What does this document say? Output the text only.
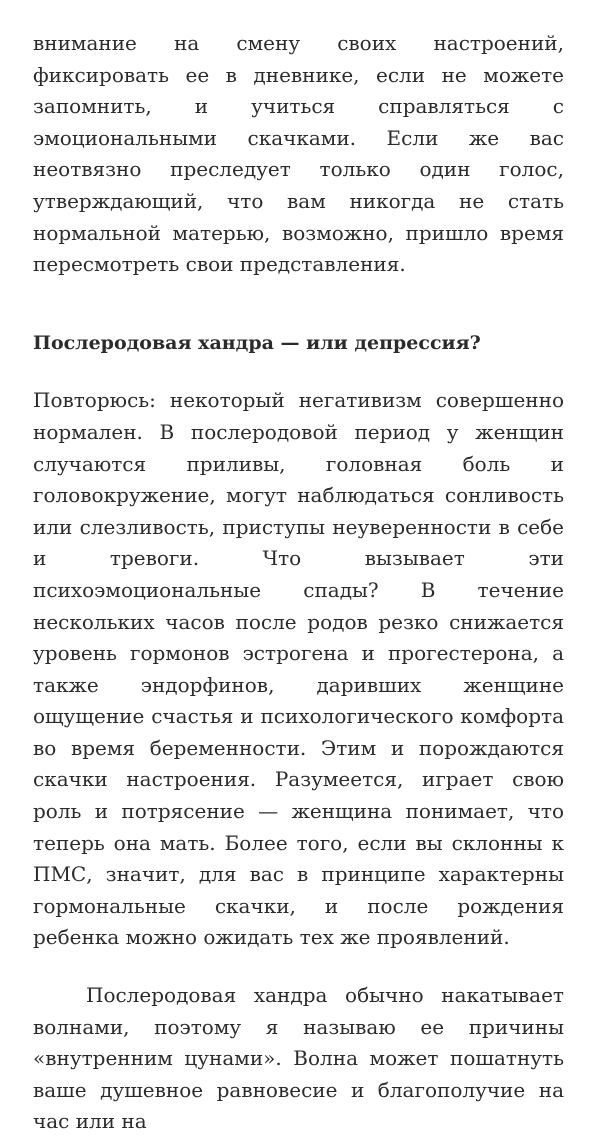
внимание на смену своих настроений, фиксировать ее в дневнике, если не можете запомнить, и учиться справляться с эмоциональными скачками. Если же вас неотвязно преследует только один голос, утверждающий, что вам никогда не стать нормальной матерью, возможно, пришло время пересмотреть свои представления.

Послеродовая хандра — или депрессия?

Повторюсь: некоторый негативизм совершенно нормален. В послеродовой период у женщин случаются приливы, головная боль и головокружение, могут наблюдаться сонливость или слезливость, приступы неуверенности в себе и тревоги. Что вызывает эти психоэмоциональные спады? В течение нескольких часов после родов резко снижается уровень гормонов эстрогена и прогестерона, а также эндорфинов, даривших женщине ощущение счастья и психологического комфорта во время беременности. Этим и порождаются скачки настроения. Разумеется, играет свою роль и потрясение — женщина понимает, что теперь она мать. Более того, если вы склонны к ПМС, значит, для вас в принципе характерны гормональные скачки, и после рождения ребенка можно ожидать тех же проявлений.

Послеродовая хандра обычно накатывает волнами, поэтому я называю ее причины «внутренним цунами». Волна может пошатнуть ваше душевное равновесие и благополучие на час или на
